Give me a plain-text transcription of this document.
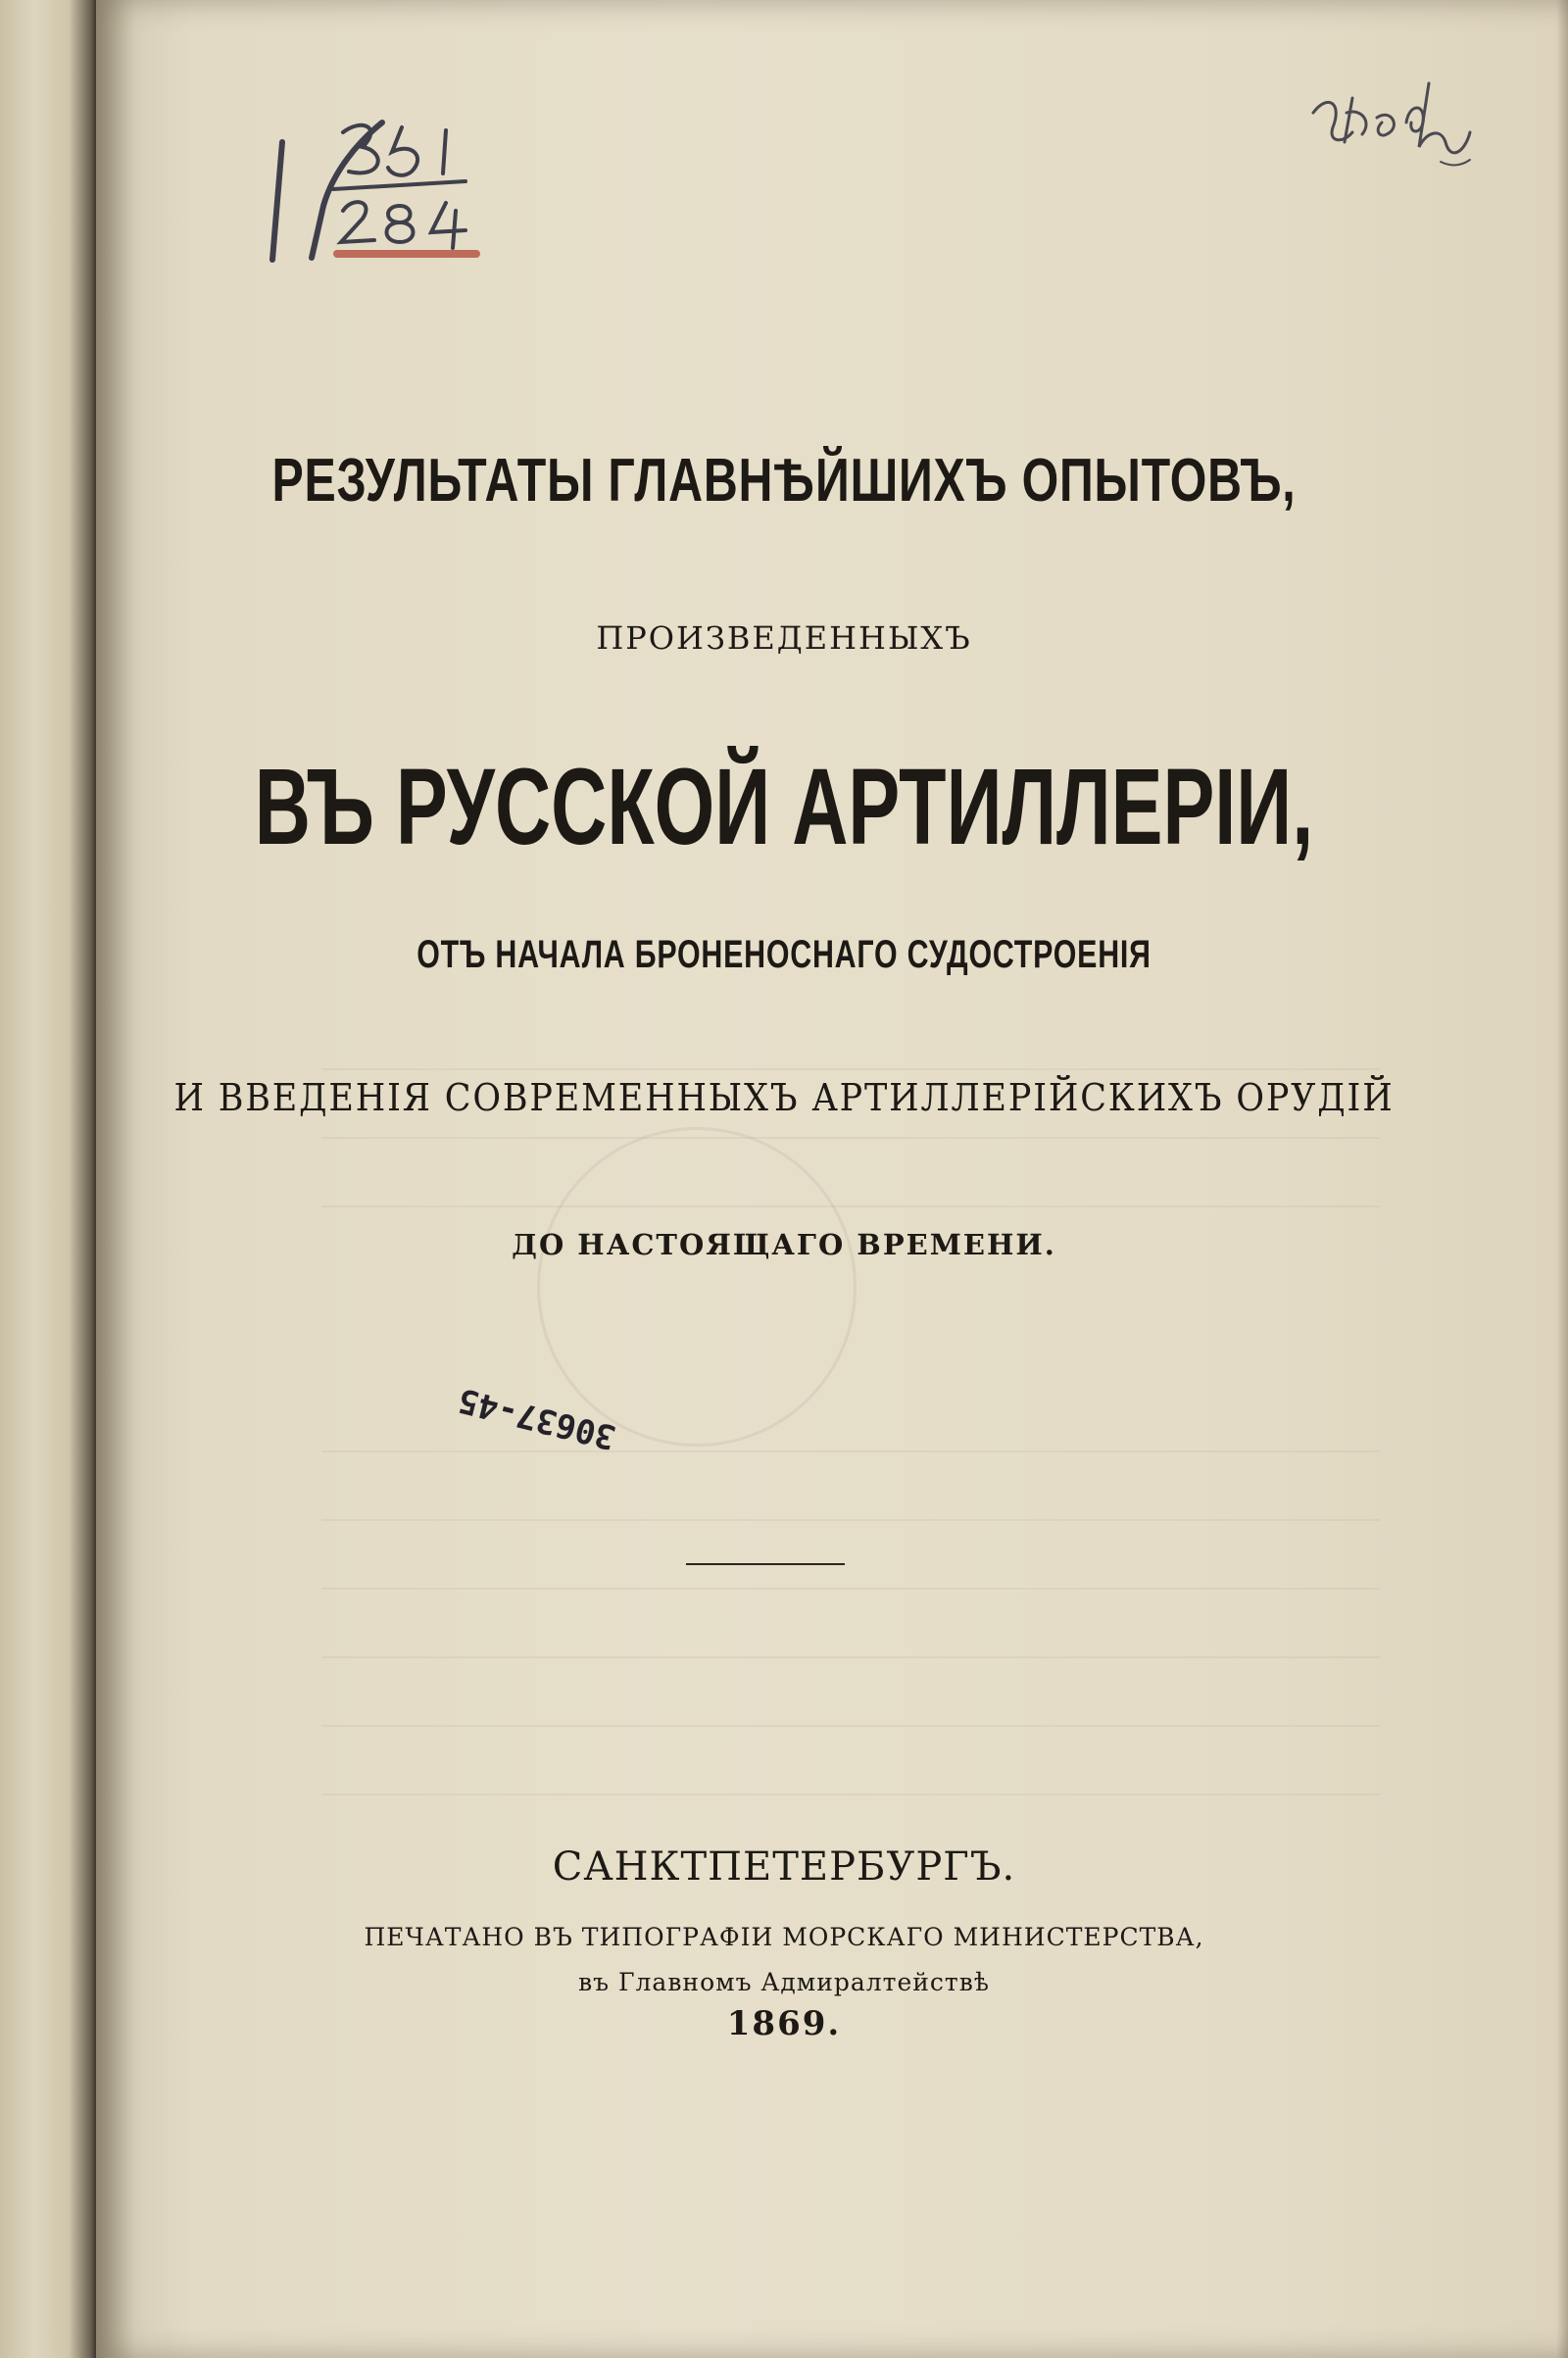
РЕЗУЛЬТАТЫ ГЛАВНѢЙШИХЪ ОПЫТОВЪ,

ПРОИЗВЕДЕННЫХЪ

ВЪ РУССКОЙ АРТИЛЛЕРІИ,

ОТЪ НАЧАЛА БРОНЕНОСНАГО СУДОСТРОЕНІЯ

И ВВЕДЕНІЯ СОВРЕМЕННЫХЪ АРТИЛЛЕРІЙСКИХЪ ОРУДІЙ

ДО НАСТОЯЩАГО ВРЕМЕНИ.

30637-45

САНКТПЕТЕРБУРГЪ.

ПЕЧАТАНО ВЪ ТИПОГРАФІИ МОРСКАГО МИНИСТЕРСТВА,

въ Главномъ Адмиралтействѣ

1869.
